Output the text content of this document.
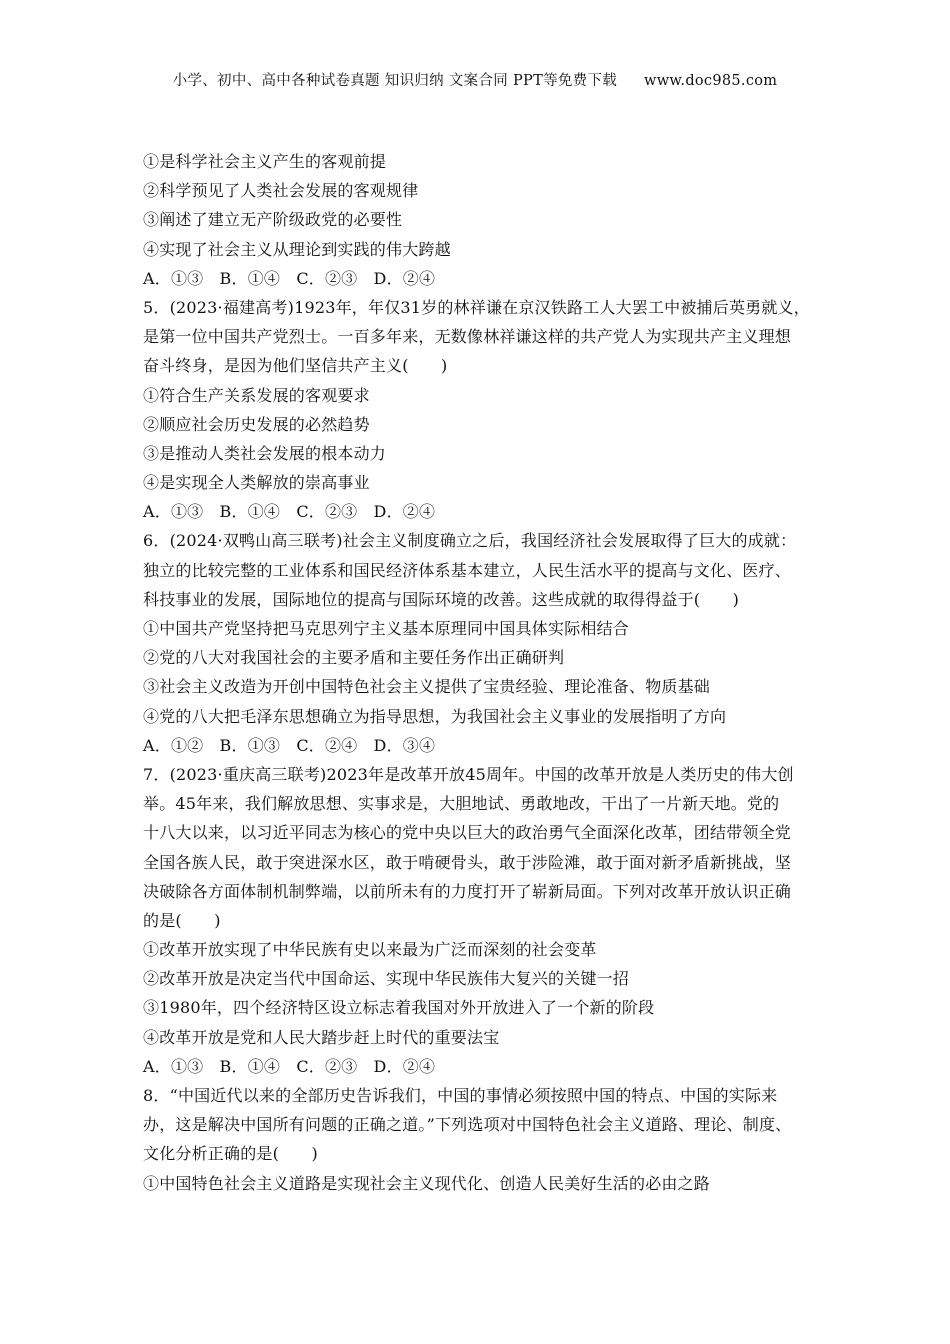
小学、初中、高中各种试卷真题 知识归纳 文案合同 PPT等免费下载 www.doc985.com
①是科学社会主义产生的客观前提
②科学预见了人类社会发展的客观规律
③阐述了建立无产阶级政党的必要性
④实现了社会主义从理论到实践的伟大跨越
A．①③　B．①④　C．②③　D．②④
5．(2023·福建高考)1923年，年仅31岁的林祥谦在京汉铁路工人大罢工中被捕后英勇就义，
是第一位中国共产党烈士。一百多年来，无数像林祥谦这样的共产党人为实现共产主义理想
奋斗终身，是因为他们坚信共产主义(　　)
①符合生产关系发展的客观要求
②顺应社会历史发展的必然趋势
③是推动人类社会发展的根本动力
④是实现全人类解放的崇高事业
A．①③　B．①④　C．②③　D．②④
6．(2024·双鸭山高三联考)社会主义制度确立之后，我国经济社会发展取得了巨大的成就：
独立的比较完整的工业体系和国民经济体系基本建立，人民生活水平的提高与文化、医疗、
科技事业的发展，国际地位的提高与国际环境的改善。这些成就的取得得益于(　　)
①中国共产党坚持把马克思列宁主义基本原理同中国具体实际相结合
②党的八大对我国社会的主要矛盾和主要任务作出正确研判
③社会主义改造为开创中国特色社会主义提供了宝贵经验、理论准备、物质基础
④党的八大把毛泽东思想确立为指导思想，为我国社会主义事业的发展指明了方向
A．①②　B．①③　C．②④　D．③④
7．(2023·重庆高三联考)2023年是改革开放45周年。中国的改革开放是人类历史的伟大创
举。45年来，我们解放思想、实事求是，大胆地试、勇敢地改，干出了一片新天地。党的
十八大以来，以习近平同志为核心的党中央以巨大的政治勇气全面深化改革，团结带领全党
全国各族人民，敢于突进深水区，敢于啃硬骨头，敢于涉险滩，敢于面对新矛盾新挑战，坚
决破除各方面体制机制弊端，以前所未有的力度打开了崭新局面。下列对改革开放认识正确
的是(　　)
①改革开放实现了中华民族有史以来最为广泛而深刻的社会变革
②改革开放是决定当代中国命运、实现中华民族伟大复兴的关键一招
③1980年，四个经济特区设立标志着我国对外开放进入了一个新的阶段
④改革开放是党和人民大踏步赶上时代的重要法宝
A．①③　B．①④　C．②③　D．②④
8．“中国近代以来的全部历史告诉我们，中国的事情必须按照中国的特点、中国的实际来
办，这是解决中国所有问题的正确之道。”下列选项对中国特色社会主义道路、理论、制度、
文化分析正确的是(　　)
①中国特色社会主义道路是实现社会主义现代化、创造人民美好生活的必由之路
